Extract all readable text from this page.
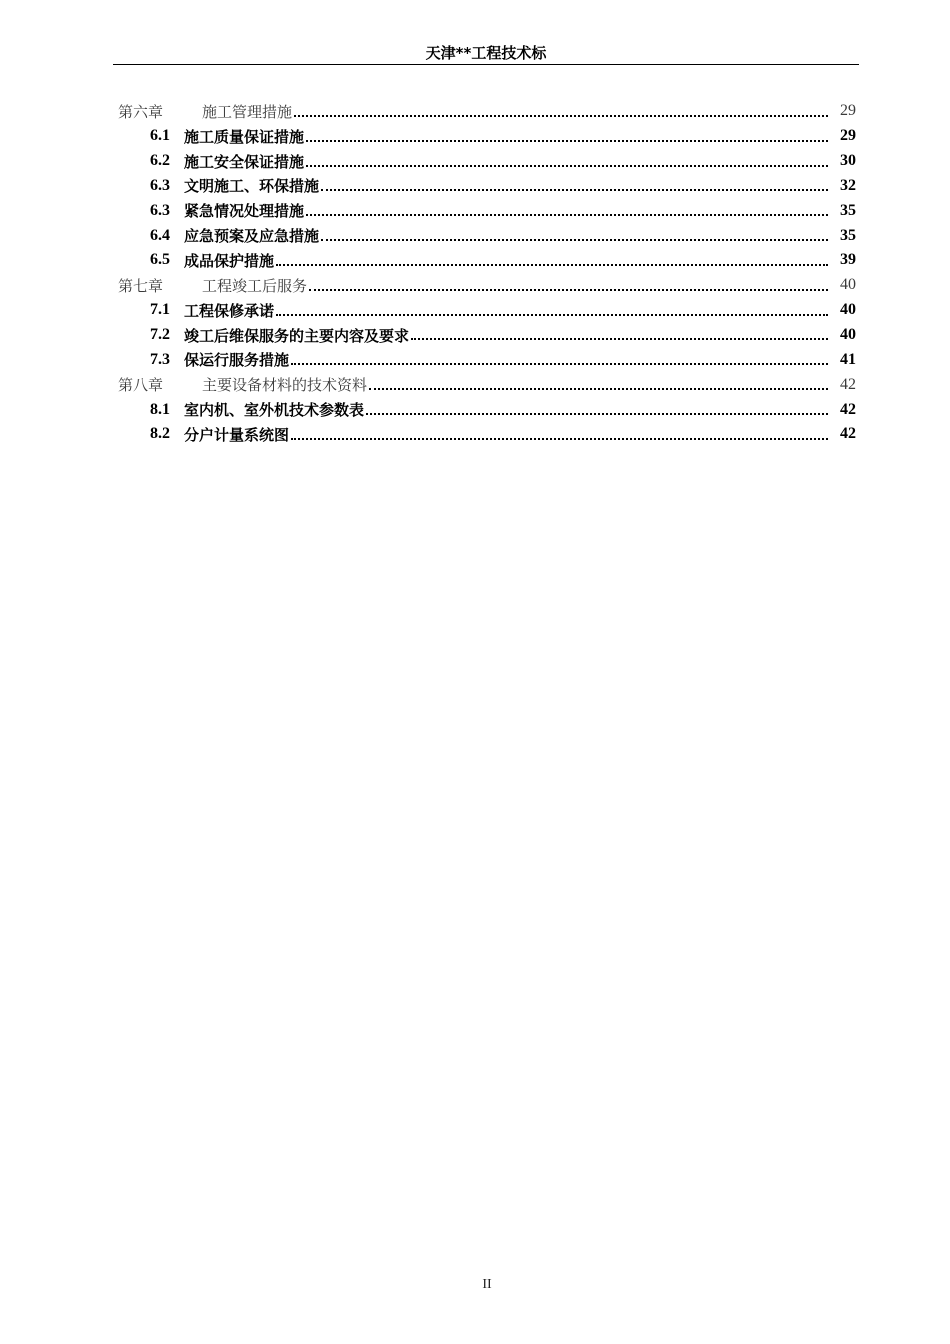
天津**工程技术标
第六章	施工管理措施	29
6.1 施工质量保证措施	29
6.2 施工安全保证措施	30
6.3 文明施工、环保措施	32
6.3 紧急情况处理措施	35
6.4 应急预案及应急措施	35
6.5 成品保护措施	39
第七章	工程竣工后服务	40
7.1 工程保修承诺	40
7.2 竣工后维保服务的主要内容及要求	40
7.3 保运行服务措施	41
第八章	主要设备材料的技术资料	42
8.1 室内机、室外机技术参数表	42
8.2 分户计量系统图	42
II
